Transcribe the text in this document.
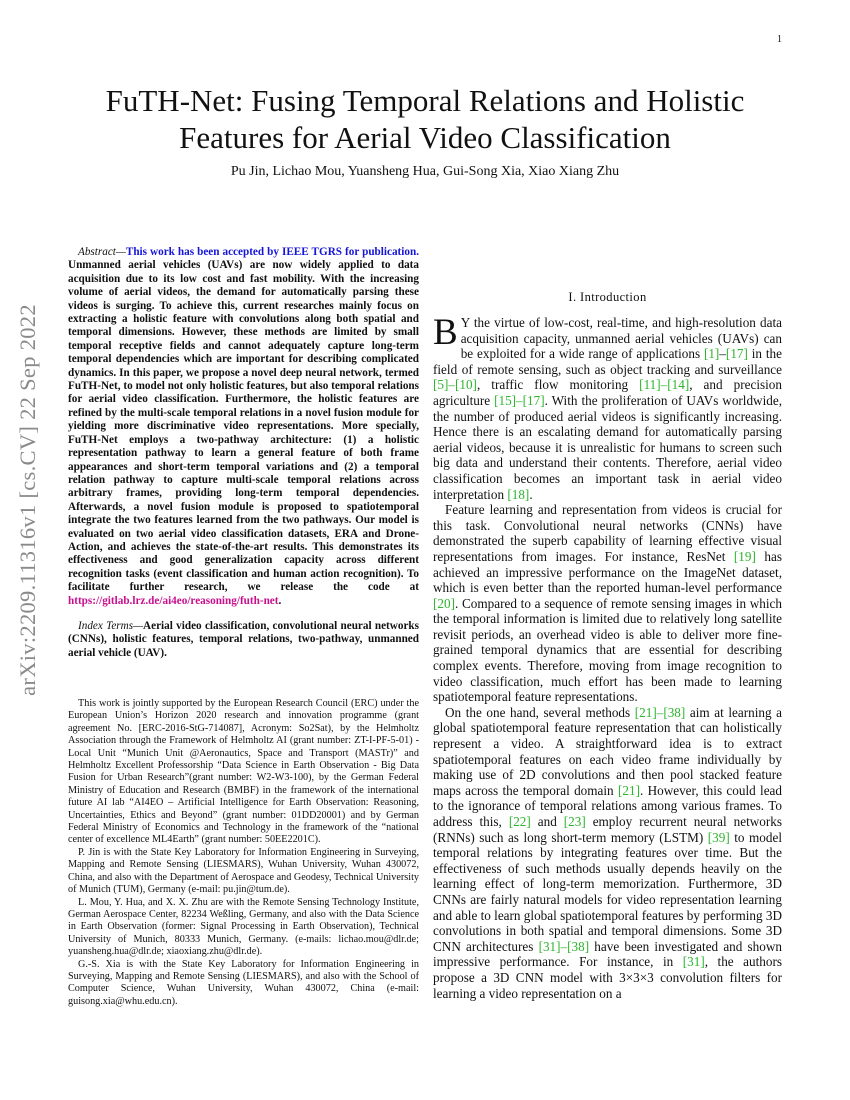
1
arXiv:2209.11316v1 [cs.CV] 22 Sep 2022
FuTH-Net: Fusing Temporal Relations and Holistic Features for Aerial Video Classification
Pu Jin, Lichao Mou, Yuansheng Hua, Gui-Song Xia, Xiao Xiang Zhu

Abstract—This work has been accepted by IEEE TGRS for publication. Unmanned aerial vehicles (UAVs) are now widely applied to data acquisition due to its low cost and fast mobility. With the increasing volume of aerial videos, the demand for automatically parsing these videos is surging. To achieve this, current researches mainly focus on extracting a holistic feature with convolutions along both spatial and temporal dimensions. However, these methods are limited by small temporal receptive fields and cannot adequately capture long-term temporal dependencies which are important for describing complicated dynamics. In this paper, we propose a novel deep neural network, termed FuTH-Net, to model not only holistic features, but also temporal relations for aerial video classification. Furthermore, the holistic features are refined by the multi-scale temporal relations in a novel fusion module for yielding more discriminative video representations. More specially, FuTH-Net employs a two-pathway architecture: (1) a holistic representation pathway to learn a general feature of both frame appearances and short-term temporal variations and (2) a temporal relation pathway to capture multi-scale temporal relations across arbitrary frames, providing long-term temporal dependencies. Afterwards, a novel fusion module is proposed to spatiotemporal integrate the two features learned from the two pathways. Our model is evaluated on two aerial video classification datasets, ERA and Drone-Action, and achieves the state-of-the-art results. This demonstrates its effectiveness and good generalization capacity across different recognition tasks (event classification and human action recognition). To facilitate further research, we release the code at https://gitlab.lrz.de/ai4eo/reasoning/futh-net.

Index Terms—Aerial video classification, convolutional neural networks (CNNs), holistic features, temporal relations, two-pathway, unmanned aerial vehicle (UAV).

This work is jointly supported by the European Research Council (ERC) under the European Union’s Horizon 2020 research and innovation programme (grant agreement No. [ERC-2016-StG-714087], Acronym: So2Sat), by the Helmholtz Association through the Framework of Helmholtz AI (grant number: ZT-I-PF-5-01) - Local Unit “Munich Unit @Aeronautics, Space and Transport (MASTr)” and Helmholtz Excellent Professorship “Data Science in Earth Observation - Big Data Fusion for Urban Research”(grant number: W2-W3-100), by the German Federal Ministry of Education and Research (BMBF) in the framework of the international future AI lab “AI4EO – Artificial Intelligence for Earth Observation: Reasoning, Uncertainties, Ethics and Beyond” (grant number: 01DD20001) and by German Federal Ministry of Economics and Technology in the framework of the “national center of excellence ML4Earth” (grant number: 50EE2201C).

P. Jin is with the State Key Laboratory for Information Engineering in Surveying, Mapping and Remote Sensing (LIESMARS), Wuhan University, Wuhan 430072, China, and also with the Department of Aerospace and Geodesy, Technical University of Munich (TUM), Germany (e-mail: pu.jin@tum.de).

L. Mou, Y. Hua, and X. X. Zhu are with the Remote Sensing Technology Institute, German Aerospace Center, 82234 Weßling, Germany, and also with the Data Science in Earth Observation (former: Signal Processing in Earth Observation), Technical University of Munich, 80333 Munich, Germany. (e-mails: lichao.mou@dlr.de; yuansheng.hua@dlr.de; xiaoxiang.zhu@dlr.de).

G.-S. Xia is with the State Key Laboratory for Information Engineering in Surveying, Mapping and Remote Sensing (LIESMARS), and also with the School of Computer Science, Wuhan University, Wuhan 430072, China (e-mail: guisong.xia@whu.edu.cn).

I. Introduction

B Y the virtue of low-cost, real-time, and high-resolution data acquisition capacity, unmanned aerial vehicles (UAVs) can be exploited for a wide range of applications [1]–[17] in the field of remote sensing, such as object tracking and surveillance [5]–[10], traffic flow monitoring [11]–[14], and precision agriculture [15]–[17]. With the proliferation of UAVs worldwide, the number of produced aerial videos is significantly increasing. Hence there is an escalating demand for automatically parsing aerial videos, because it is unrealistic for humans to screen such big data and understand their contents. Therefore, aerial video classification becomes an important task in aerial video interpretation [18].

Feature learning and representation from videos is crucial for this task. Convolutional neural networks (CNNs) have demonstrated the superb capability of learning effective visual representations from images. For instance, ResNet [19] has achieved an impressive performance on the ImageNet dataset, which is even better than the reported human-level performance [20]. Compared to a sequence of remote sensing images in which the temporal information is limited due to relatively long satellite revisit periods, an overhead video is able to deliver more fine-grained temporal dynamics that are essential for describing complex events. Therefore, moving from image recognition to video classification, much effort has been made to learning spatiotemporal feature representations.

On the one hand, several methods [21]–[38] aim at learning a global spatiotemporal feature representation that can holistically represent a video. A straightforward idea is to extract spatiotemporal features on each video frame individually by making use of 2D convolutions and then pool stacked feature maps across the temporal domain [21]. However, this could lead to the ignorance of temporal relations among various frames. To address this, [22] and [23] employ recurrent neural networks (RNNs) such as long short-term memory (LSTM) [39] to model temporal relations by integrating features over time. But the effectiveness of such methods usually depends heavily on the learning effect of long-term memorization. Furthermore, 3D CNNs are fairly natural models for video representation learning and able to learn global spatiotemporal features by performing 3D convolutions in both spatial and temporal dimensions. Some 3D CNN architectures [31]–[38] have been investigated and shown impressive performance. For instance, in [31], the authors propose a 3D CNN model with 3×3×3 convolution filters for learning a video representation on a
